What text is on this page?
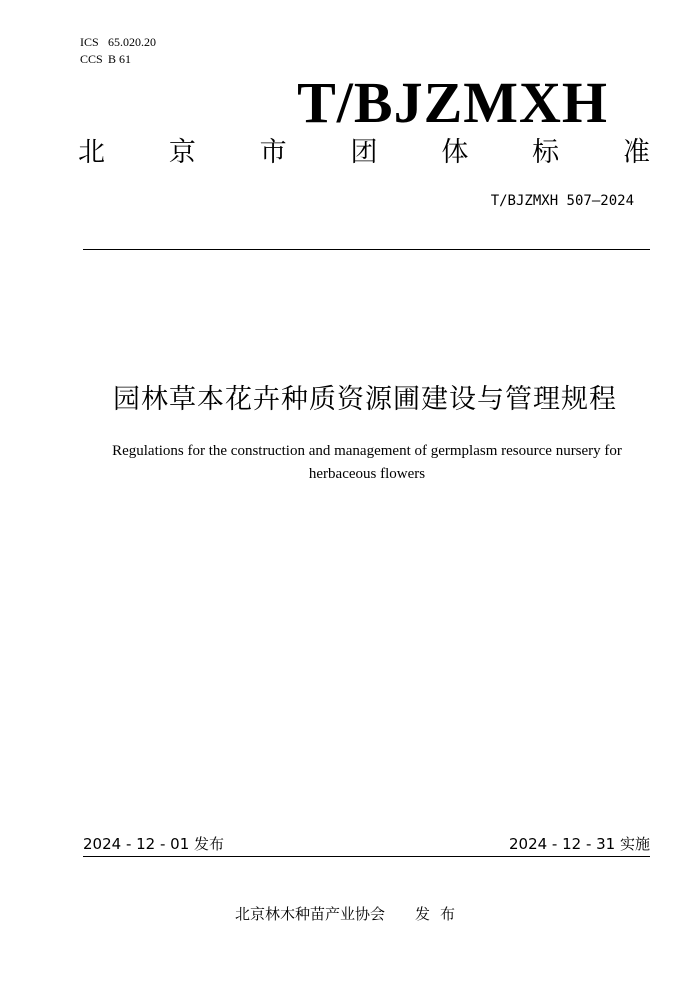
ICS 65.020.20
CCS B 61
T/BJZMXH
北 京 市 团 体 标 准
T/BJZMXH 507—2024
园林草本花卉种质资源圃建设与管理规程
Regulations for the construction and management of germplasm resource nursery for
herbaceous flowers
2024 - 12 - 01 发布	2024 - 12 - 31 实施
北京林木种苗产业协会 发布
